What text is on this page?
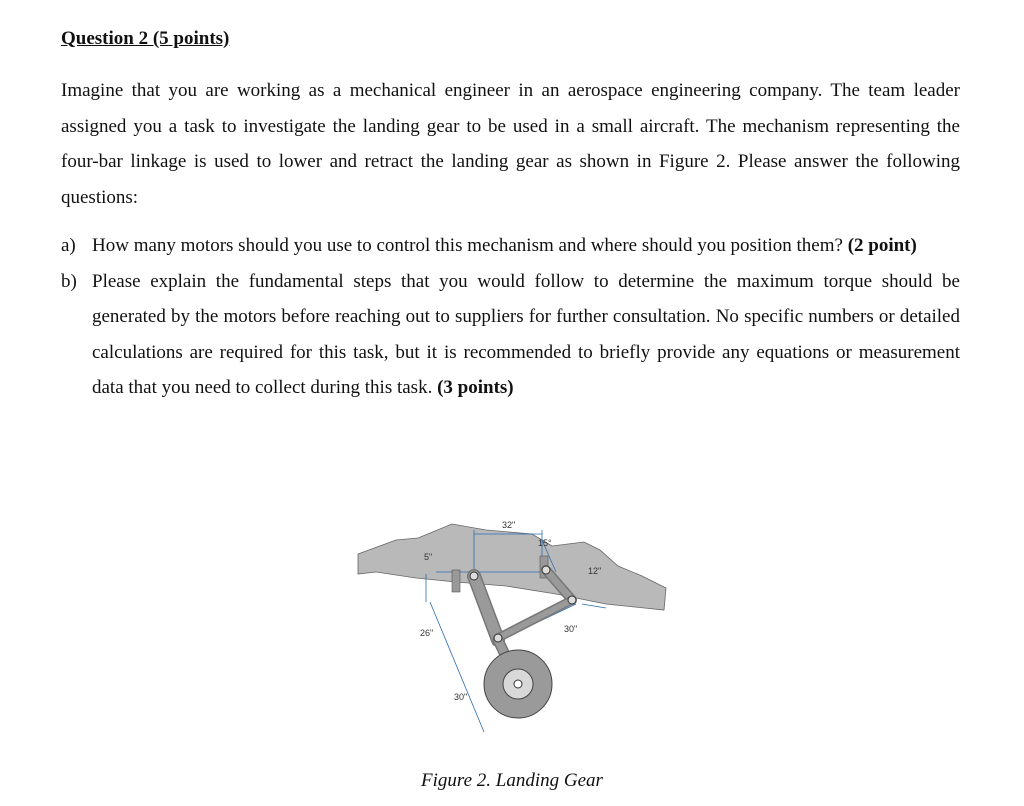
Question 2 (5 points)
Imagine that you are working as a mechanical engineer in an aerospace engineering company. The team leader assigned you a task to investigate the landing gear to be used in a small aircraft. The mechanism representing the four-bar linkage is used to lower and retract the landing gear as shown in Figure 2. Please answer the following questions:
a) How many motors should you use to control this mechanism and where should you position them? (2 point)
b) Please explain the fundamental steps that you would follow to determine the maximum torque should be generated by the motors before reaching out to suppliers for further consultation. No specific numbers or detailed calculations are required for this task, but it is recommended to briefly provide any equations or measurement data that you need to collect during this task. (3 points)
32"
15°
12"
5"
26"	30"
30"
Figure 2. Landing Gear
